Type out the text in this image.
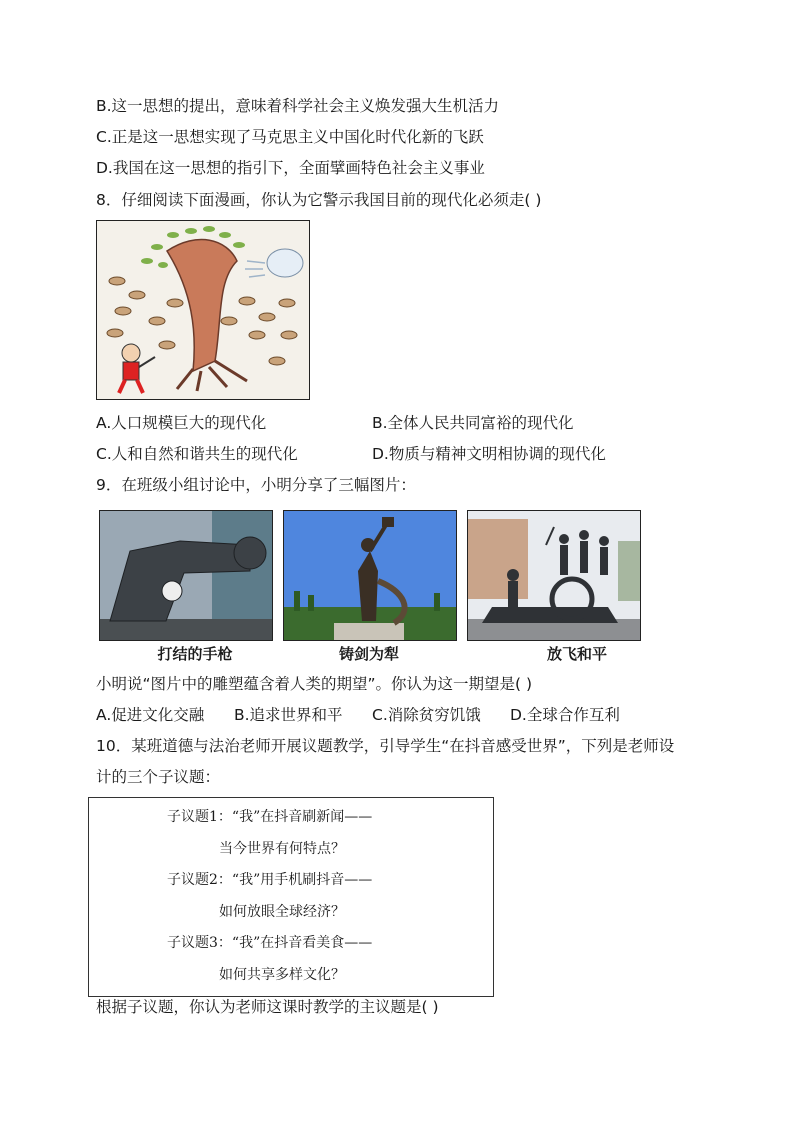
B.这一思想的提出，意味着科学社会主义焕发强大生机活力
C.正是这一思想实现了马克思主义中国化时代化新的飞跃
D.我国在这一思想的指引下，全面擘画特色社会主义事业
8．仔细阅读下面漫画，你认为它警示我国目前的现代化必须走( )
A.人口规模巨大的现代化	B.全体人民共同富裕的现代化
C.人和自然和谐共生的现代化	D.物质与精神文明相协调的现代化
9．在班级小组讨论中，小明分享了三幅图片：
打结的手枪	铸剑为犁	放飞和平
小明说“图片中的雕塑蕴含着人类的期望”。你认为这一期望是( )
A.促进文化交融 B.追求世界和平 C.消除贫穷饥饿 D.全球合作互利
10．某班道德与法治老师开展议题教学，引导学生“在抖音感受世界”，下列是老师设
计的三个子议题：
子议题1：“我”在抖音刷新闻——
当今世界有何特点？
子议题2：“我”用手机刷抖音——
如何放眼全球经济？
子议题3：“我”在抖音看美食——
如何共享多样文化？
根据子议题，你认为老师这课时教学的主议题是( )
